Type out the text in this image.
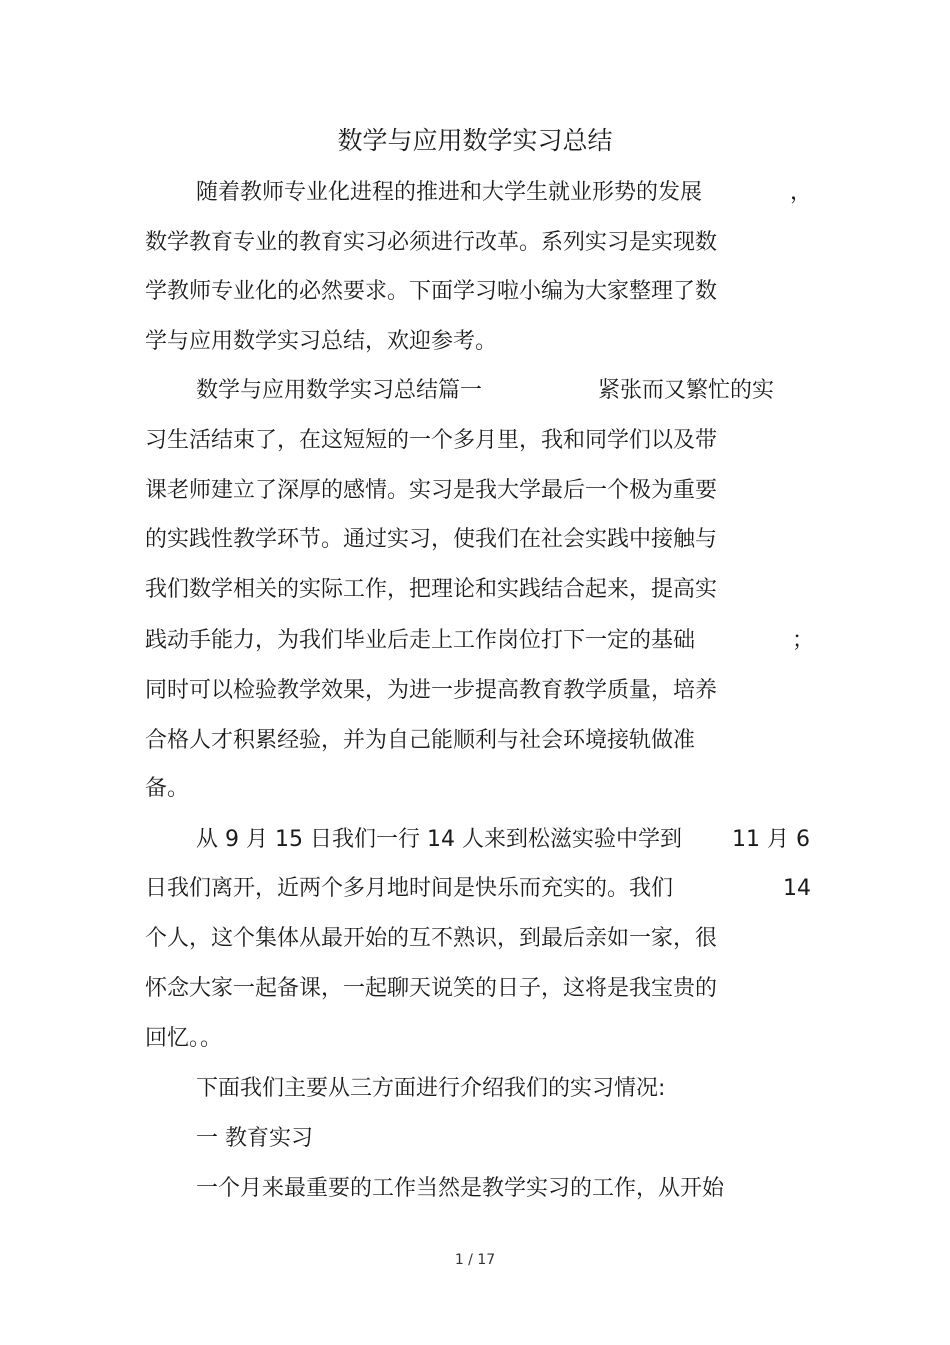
数学与应用数学实习总结
随着教师专业化进程的推进和大学生就业形势的发展	，
数学教育专业的教育实习必须进行改革。系列实习是实现数
学教师专业化的必然要求。下面学习啦小编为大家整理了数
学与应用数学实习总结，欢迎参考。
数学与应用数学实习总结篇一	紧张而又繁忙的实
习生活结束了，在这短短的一个多月里，我和同学们以及带
课老师建立了深厚的感情。实习是我大学最后一个极为重要
的实践性教学环节。通过实习，使我们在社会实践中接触与
我们数学相关的实际工作，把理论和实践结合起来，提高实
践动手能力，为我们毕业后走上工作岗位打下一定的基础	；
同时可以检验教学效果，为进一步提高教育教学质量，培养
合格人才积累经验，并为自己能顺利与社会环境接轨做准
备。
从 9 月 15 日我们一行 14 人来到松滋实验中学到 11 月 6
日我们离开，近两个多月地时间是快乐而充实的。我们	14
个人，这个集体从最开始的互不熟识，到最后亲如一家，很
怀念大家一起备课，一起聊天说笑的日子，这将是我宝贵的
回忆。。
下面我们主要从三方面进行介绍我们的实习情况:
一 教育实习
一个月来最重要的工作当然是教学实习的工作，从开始
1 / 17
